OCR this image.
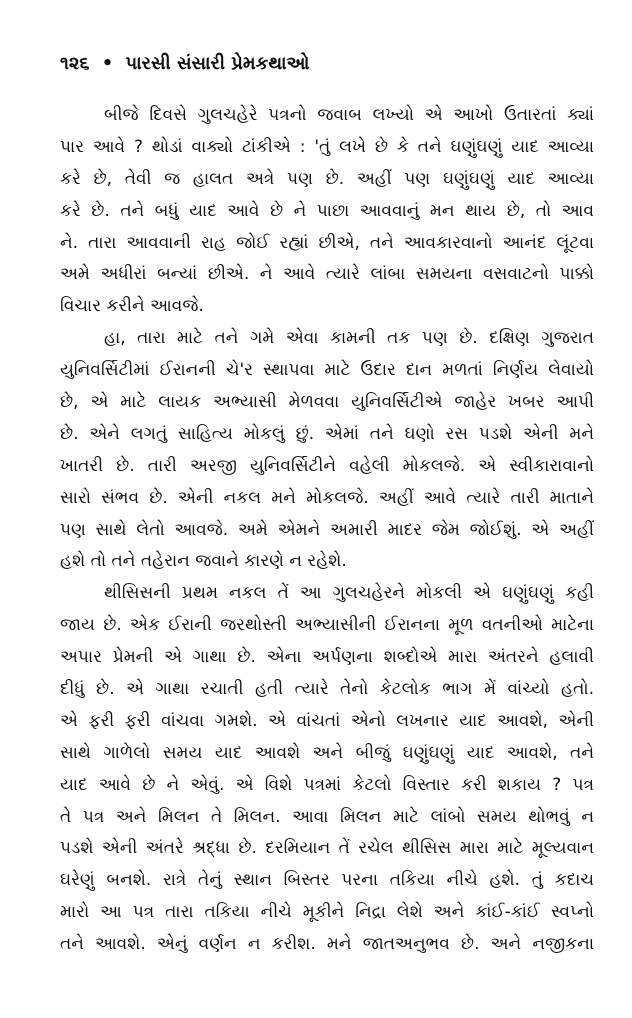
૧૨૬ • પારસી સંસારી પ્રેમકથાઓ
બીજે દિવસે ગુલચહેરે પત્રનો જવાબ લખ્યો એ આખો ઉતારતાં ક્યાં
પાર આવે ? થોડાં વાક્યો ટાંકીએ : 'તું લખે છે કે તને ઘણુંઘણું યાદ આવ્યા
કરે છે, તેવી જ હાલત અત્રે પણ છે. અહીં પણ ઘણુંઘણું યાદ આવ્યા
કરે છે. તને બધું યાદ આવે છે ને પાછા આવવાનું મન થાય છે, તો આવ
ને. તારા આવવાની રાહ જોઈ રહ્યાં છીએ, તને આવકારવાનો આનંદ લૂંટવા
અમે અધીરાં બન્યાં છીએ. ને આવે ત્યારે લાંબા સમયના વસવાટનો પાક્કો
વિચાર કરીને આવજે.
હા, તારા માટે તને ગમે એવા કામની તક પણ છે. દક્ષિણ ગુજરાત
યુનિવર્સિટીમાં ઈરાનની ચે'ર સ્થાપવા માટે ઉદાર દાન મળતાં નિર્ણય લેવાયો
છે, એ માટે લાયક અભ્યાસી મેળવવા યુનિવર્સિટીએ જાહેર ખબર આપી
છે. એને લગતું સાહિત્ય મોકલું છું. એમાં તને ઘણો રસ પડશે એની મને
ખાતરી છે. તારી અરજી યુનિવર્સિટીને વહેલી મોકલજે. એ સ્વીકારાવાનો
સારો સંભવ છે. એની નકલ મને મોકલજે. અહીં આવે ત્યારે તારી માતાને
પણ સાથે લેતો આવજે. અમે એમને અમારી માદર જેમ જોઈશું. એ અહીં
હશે તો તને તહેરાન જવાને કારણે ન રહેશે.
થીસિસની પ્રથમ નકલ તેં આ ગુલચહેરને મોકલી એ ઘણુંઘણું કહી
જાય છે. એક ઈરાની જરથોસ્તી અભ્યાસીની ઈરાનના મૂળ વતનીઓ માટેના
અપાર પ્રેમની એ ગાથા છે. એના અર્પણના શબ્દોએ મારા અંતરને હલાવી
દીધું છે. એ ગાથા રચાતી હતી ત્યારે તેનો કેટલોક ભાગ મેં વાંચ્યો હતો.
એ ફરી ફરી વાંચવા ગમશે. એ વાંચતાં એનો લખનાર યાદ આવશે, એની
સાથે ગાળેલો સમય યાદ આવશે અને બીજું ઘણુંઘણું યાદ આવશે, તને
યાદ આવે છે ને એવું. એ વિશે પત્રમાં કેટલો વિસ્તાર કરી શકાય ? પત્ર
તે પત્ર અને મિલન તે મિલન. આવા મિલન માટે લાંબો સમય થોભવું ન
પડશે એની અંતરે શ્રદ્ધા છે. દરમિયાન તેં રચેલ થીસિસ મારા માટે મૂલ્યવાન
ઘરેણું બનશે. રાત્રે તેનું સ્થાન બિસ્તર પરના તકિયા નીચે હશે. તું કદાચ
મારો આ પત્ર તારા તકિયા નીચે મૂકીને નિદ્રા લેશે અને કાંઈ-કાંઈ સ્વપ્નો
તને આવશે. એનું વર્ણન ન કરીશ. મને જાતઅનુભવ છે. અને નજીકના
